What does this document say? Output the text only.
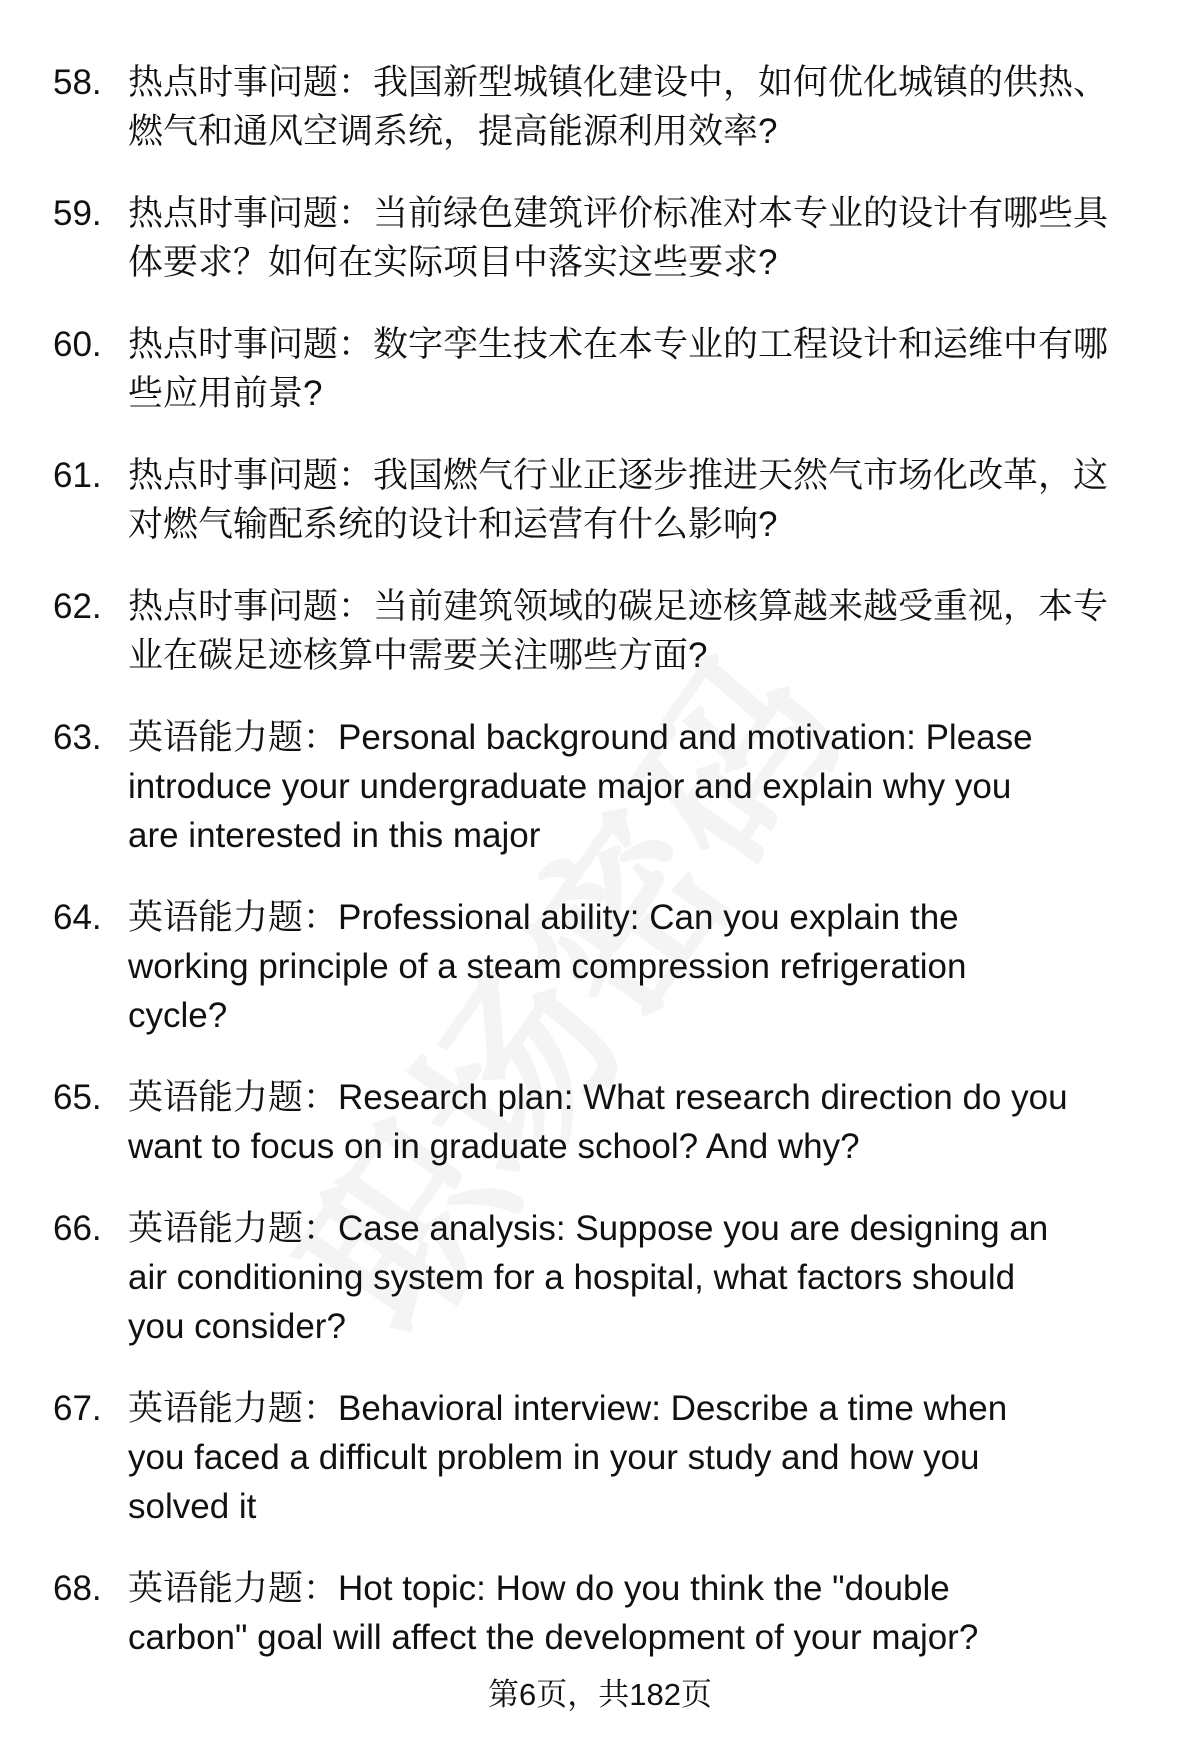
58. 热点时事问题：我国新型城镇化建设中，如何优化城镇的供热、
燃气和通风空调系统，提高能源利用效率?
59. 热点时事问题：当前绿色建筑评价标准对本专业的设计有哪些具
体要求？如何在实际项目中落实这些要求?
60. 热点时事问题：数字孪生技术在本专业的工程设计和运维中有哪
些应用前景?
61. 热点时事问题：我国燃气行业正逐步推进天然气市场化改革，这
对燃气输配系统的设计和运营有什么影响?
62. 热点时事问题：当前建筑领域的碳足迹核算越来越受重视，本专
业在碳足迹核算中需要关注哪些方面?
63. 英语能力题：Personal background and motivation: Please
introduce your undergraduate major and explain why you
are interested in this major
64. 英语能力题：Professional ability: Can you explain the
working principle of a steam compression refrigeration
cycle?
65. 英语能力题：Research plan: What research direction do you
want to focus on in graduate school? And why?
66. 英语能力题：Case analysis: Suppose you are designing an
air conditioning system for a hospital, what factors should
you consider?
67. 英语能力题：Behavioral interview: Describe a time when
you faced a difficult problem in your study and how you
solved it
68. 英语能力题：Hot topic: How do you think the "double
carbon" goal will affect the development of your major?
第6页，共182页
